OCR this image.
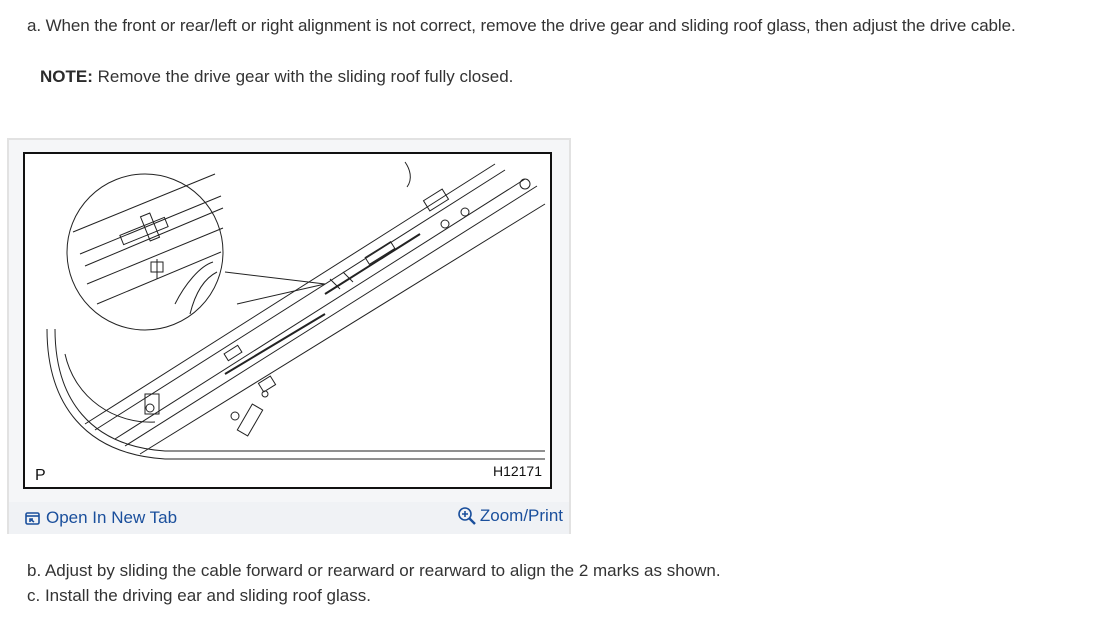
a. When the front or rear/left or right alignment is not correct, remove the drive gear and sliding roof glass, then adjust the drive cable.
NOTE: Remove the drive gear with the sliding roof fully closed.
P	H12171
Open In New Tab	Zoom/Print
b. Adjust by sliding the cable forward or rearward or rearward to align the 2 marks as shown.
c. Install the driving ear and sliding roof glass.
